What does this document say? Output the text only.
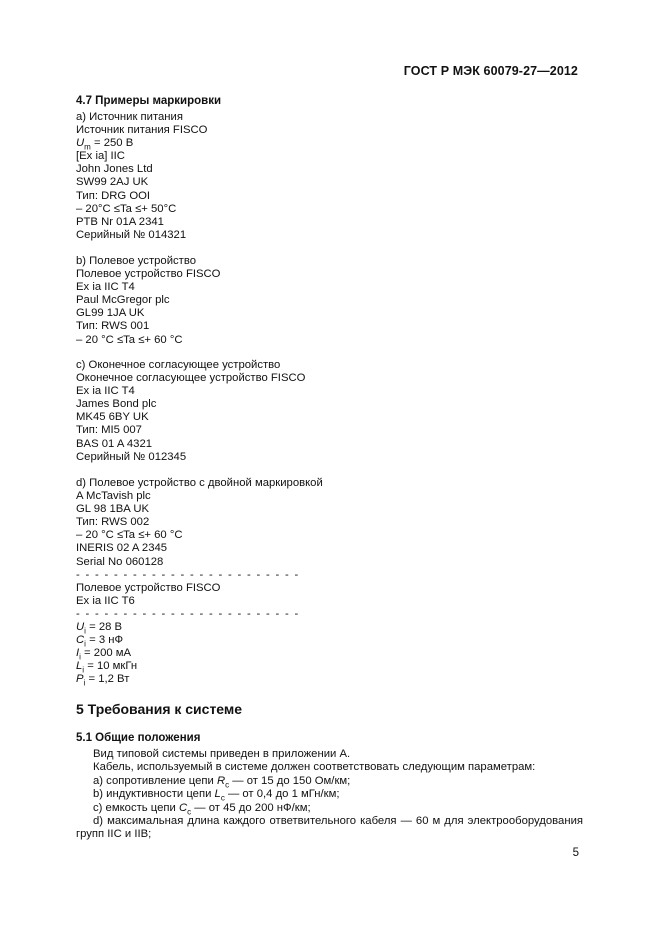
ГОСТ Р МЭК 60079-27—2012
4.7 Примеры маркировки
a) Источник питания
Источник питания FISCO
$U_m = 250$ В
[Ex ia] IIC
John Jones Ltd
SW99 2AJ UK
Тип: DRG OOI
– 20°C ≤Ta ≤+ 50°C
PTB Nr 01A 2341
Серийный № 014321
b) Полевое устройство
Полевое устройство FISCO
Ex ia IIC T4
Paul McGregor plc
GL99 1JA UK
Тип: RWS 001
– 20 °C ≤Ta ≤+ 60 °C
c) Оконечное согласующее устройство
Оконечное согласующее устройство FISCO
Ex ia IIC T4
James Bond plc
MK45 6BY UK
Тип: MI5 007
BAS 01 A 4321
Серийный № 012345
d) Полевое устройство с двойной маркировкой
A McTavish plc
GL 98 1BA UK
Тип: RWS 002
– 20 °C ≤Ta ≤+ 60 °C
INERIS 02 A 2345
Serial No 060128
- - - - - - - - - - - - - - - - - - - - - - - -
Полевое устройство FISCO
Ex ia IIC T6
- - - - - - - - - - - - - - - - - - - - - - - -
$U_i = 28$ В
$C_i = 3$ нФ
$I_i = 200$ мА
$L_i = 10$ мкГн
$P_i = 1,2$ Вт
5 Требования к системе
5.1 Общие положения
Вид типовой системы приведен в приложении А.
Кабель, используемый в системе должен соответствовать следующим параметрам:
a) сопротивление цепи $R_c$ — от 15 до 150 Ом/км;
b) индуктивности цепи $L_c$ — от 0,4 до 1 мГн/км;
c) емкость цепи $C_c$ — от 45 до 200 нФ/км;
d) максимальная длина каждого ответвительного кабеля — 60 м для электрооборудования
групп IIC и IIB;
5
